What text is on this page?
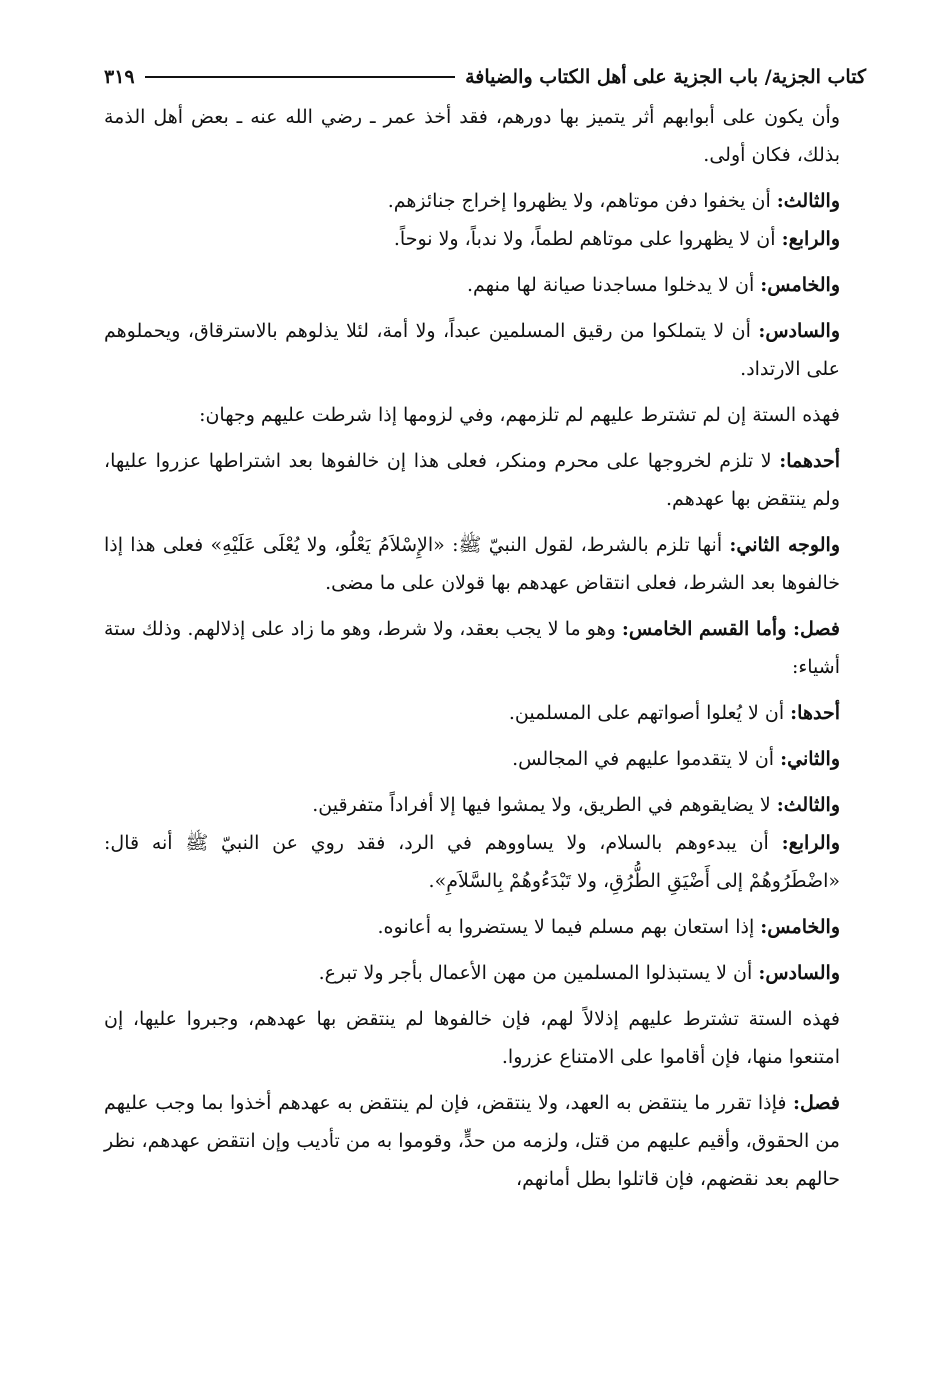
كتاب الجزية/ باب الجزية على أهل الكتاب والضيافة
٣١٩

وأن يكون على أبوابهم أثر يتميز بها دورهم، فقد أخذ عمر ـ رضي الله عنه ـ بعض أهل الذمة بذلك، فكان أولى.

والثالث: أن يخفوا دفن موتاهم، ولا يظهروا إخراج جنائزهم.

والرابع: أن لا يظهروا على موتاهم لطماً، ولا ندباً، ولا نوحاً.

والخامس: أن لا يدخلوا مساجدنا صيانة لها منهم.

والسادس: أن لا يتملكوا من رقيق المسلمين عبداً، ولا أمة، لئلا يذلوهم بالاسترقاق، ويحملوهم على الارتداد.

فهذه الستة إن لم تشترط عليهم لم تلزمهم، وفي لزومها إذا شرطت عليهم وجهان:

أحدهما: لا تلزم لخروجها على محرم ومنكر، فعلى هذا إن خالفوها بعد اشتراطها عزروا عليها، ولم ينتقض بها عهدهم.

والوجه الثاني: أنها تلزم بالشرط، لقول النبيّ ﷺ: «الإِسْلاَمُ يَعْلُو، ولا يُعْلَى عَلَيْهِ» فعلى هذا إذا خالفوها بعد الشرط، فعلى انتقاض عهدهم بها قولان على ما مضى.

فصل: وأما القسم الخامس: وهو ما لا يجب بعقد، ولا شرط، وهو ما زاد على إذلالهم. وذلك ستة أشياء:

أحدها: أن لا يُعلوا أصواتهم على المسلمين.

والثاني: أن لا يتقدموا عليهم في المجالس.

والثالث: لا يضايقوهم في الطريق، ولا يمشوا فيها إلا أفراداً متفرقين.

والرابع: أن يبدءوهم بالسلام، ولا يساووهم في الرد، فقد روي عن النبيّ ﷺ أنه قال: «اضْطَرُوهُمْ إلى أَضْيَقِ الطُّرُقِ، ولا تَبْدَءُوهُمْ بِالسَّلاَمِ».

والخامس: إذا استعان بهم مسلم فيما لا يستضروا به أعانوه.

والسادس: أن لا يستبذلوا المسلمين من مهن الأعمال بأجر ولا تبرع.

فهذه الستة تشترط عليهم إذلالاً لهم، فإن خالفوها لم ينتقض بها عهدهم، وجبروا عليها، إن امتنعوا منها، فإن أقاموا على الامتناع عزروا.

فصل: فإذا تقرر ما ينتقض به العهد، ولا ينتقض، فإن لم ينتقض به عهدهم أخذوا بما وجب عليهم من الحقوق، وأقيم عليهم من قتل، ولزمه من حدٍّ، وقوموا به من تأديب وإن انتقض عهدهم، نظر حالهم بعد نقضهم، فإن قاتلوا بطل أمانهم،
